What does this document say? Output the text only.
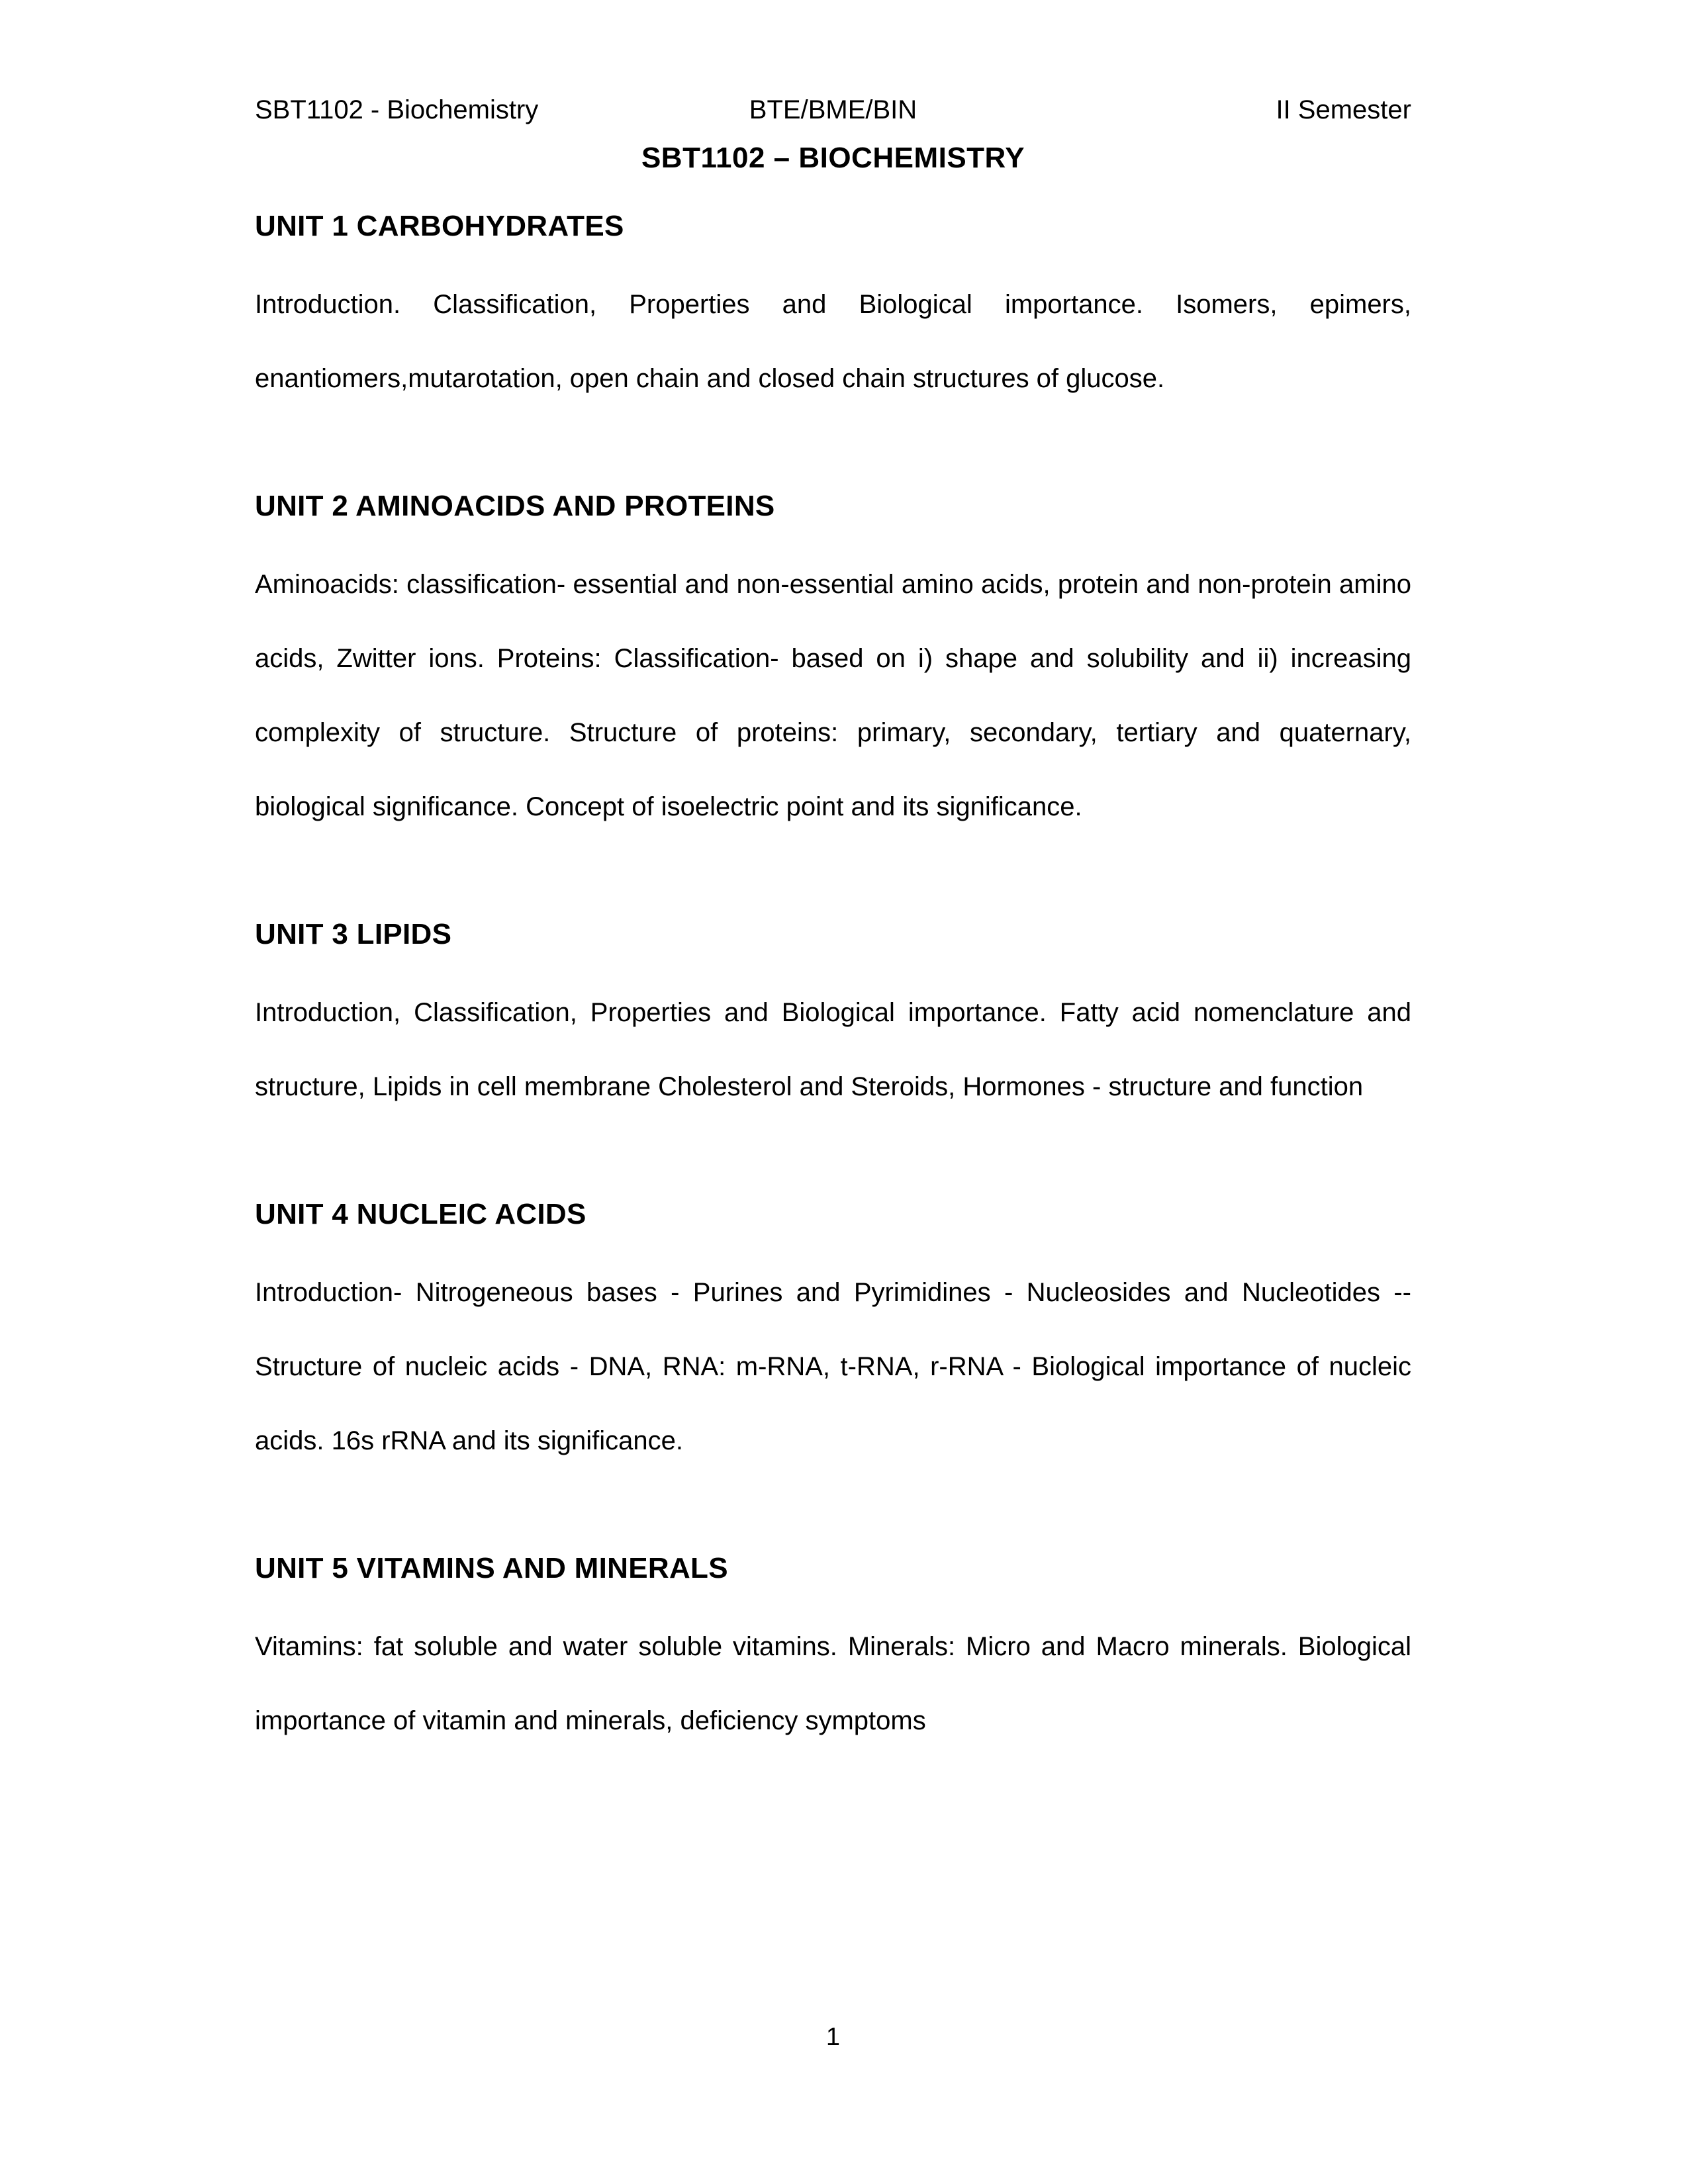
SBT1102 - Biochemistry	BTE/BME/BIN	II Semester
SBT1102 – BIOCHEMISTRY
UNIT 1 CARBOHYDRATES

Introduction. Classification, Properties and Biological importance. Isomers, epimers, enantiomers,mutarotation, open chain and closed chain structures of glucose.

UNIT 2 AMINOACIDS AND PROTEINS

Aminoacids: classification- essential and non-essential amino acids, protein and non-protein amino acids, Zwitter ions. Proteins: Classification- based on i) shape and solubility and ii) increasing complexity of structure. Structure of proteins: primary, secondary, tertiary and quaternary, biological significance. Concept of isoelectric point and its significance.

UNIT 3 LIPIDS

Introduction, Classification, Properties and Biological importance. Fatty acid nomenclature and structure, Lipids in cell membrane Cholesterol and Steroids, Hormones - structure and function

UNIT 4 NUCLEIC ACIDS

Introduction- Nitrogeneous bases - Purines and Pyrimidines - Nucleosides and Nucleotides -- Structure of nucleic acids - DNA, RNA: m-RNA, t-RNA, r-RNA - Biological importance of nucleic acids. 16s rRNA and its significance.

UNIT 5 VITAMINS AND MINERALS

Vitamins: fat soluble and water soluble vitamins. Minerals: Micro and Macro minerals. Biological importance of vitamin and minerals, deficiency symptoms

1
